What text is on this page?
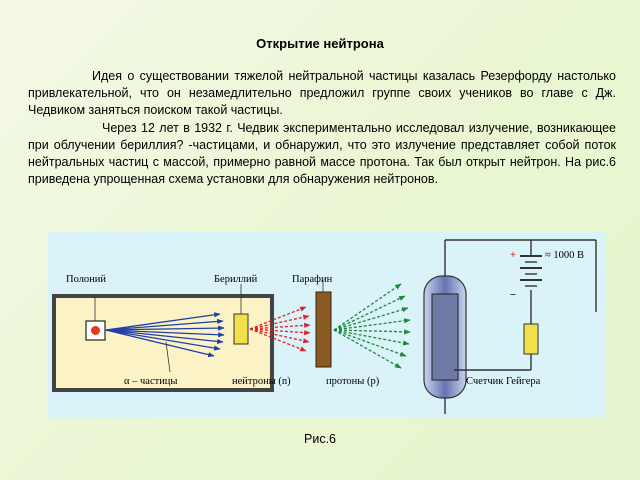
Открытие нейтрона
Идея о существовании тяжелой нейтральной частицы казалась Резерфорду настолько привлекательной, что он незамедлительно предложил группе своих учеников во главе с Дж. Чедвиком заняться поиском такой частицы.
Через 12 лет в 1932 г. Чедвик экспериментально исследовал излучение, возникающее при облучении бериллия? -частицами, и обнаружил, что это излучение представляет собой поток нейтральных частиц с массой, примерно равной массе протона. Так был открыт нейтрон. На рис.6 приведена упрощенная схема установки для обнаружения нейтронов.
Полоний	Бериллий	Парафин
α – частицы	нейтроны (n)	протоны (p)	Счетчик Гейгера
≈ 1000 В
+
−
Рис.6
